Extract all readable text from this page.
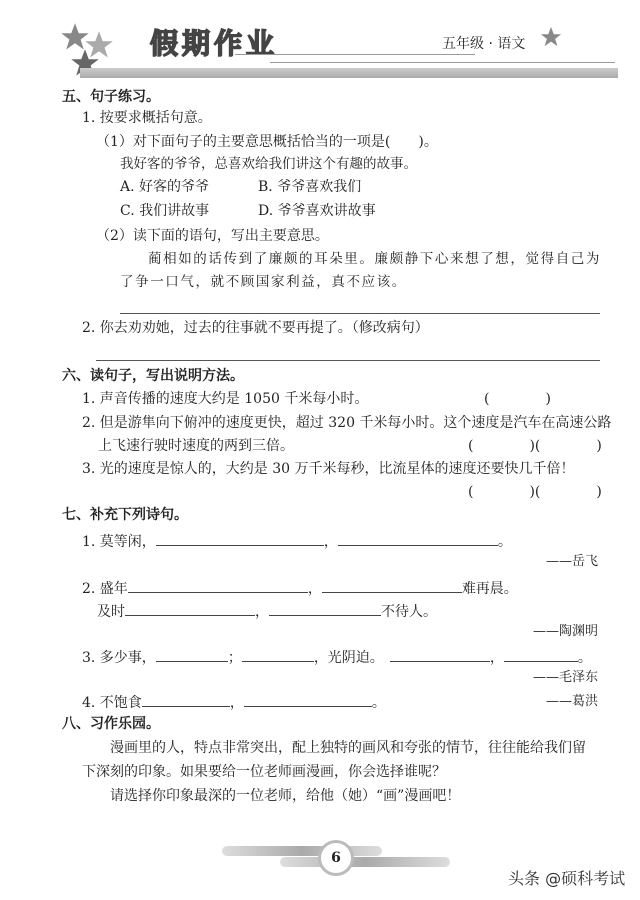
假期作业	五年级 · 语文
五、句子练习。
1. 按要求概括句意。
（1）对下面句子的主要意思概括恰当的一项是(　　)。
我好客的爷爷，总喜欢给我们讲这个有趣的故事。
A. 好客的爷爷	B. 爷爷喜欢我们
C. 我们讲故事	D. 爷爷喜欢讲故事
（2）读下面的语句，写出主要意思。
蔺相如的话传到了廉颇的耳朵里。廉颇静下心来想了想，觉得自己为
了争一口气，就不顾国家利益，真不应该。
2. 你去劝劝她，过去的往事就不要再提了。（修改病句）
六、读句子，写出说明方法。
1. 声音传播的速度大约是 1050 千米每小时。	(　　　　)
2. 但是游隼向下俯冲的速度更快，超过 320 千米每小时。这个速度是汽车在高速公路
上飞速行驶时速度的两到三倍。	(　　　　)(　　　　)
3. 光的速度是惊人的，大约是 30 万千米每秒，比流星体的速度还要快几千倍！
(　　　　)(　　　　)
七、补充下列诗句。
1. 莫等闲，	，	。
——岳飞
2. 盛年	，	难再晨。
及时	，	不待人。
——陶渊明
3. 多少事，	；	，光阴迫。	，	。
——毛泽东
4. 不饱食	，	。	——葛洪
八、习作乐园。
漫画里的人，特点非常突出，配上独特的画风和夸张的情节，往往能给我们留
下深刻的印象。如果要给一位老师画漫画，你会选择谁呢？
请选择你印象最深的一位老师，给他（她）“画”漫画吧！
6
头条 @硕科考试
